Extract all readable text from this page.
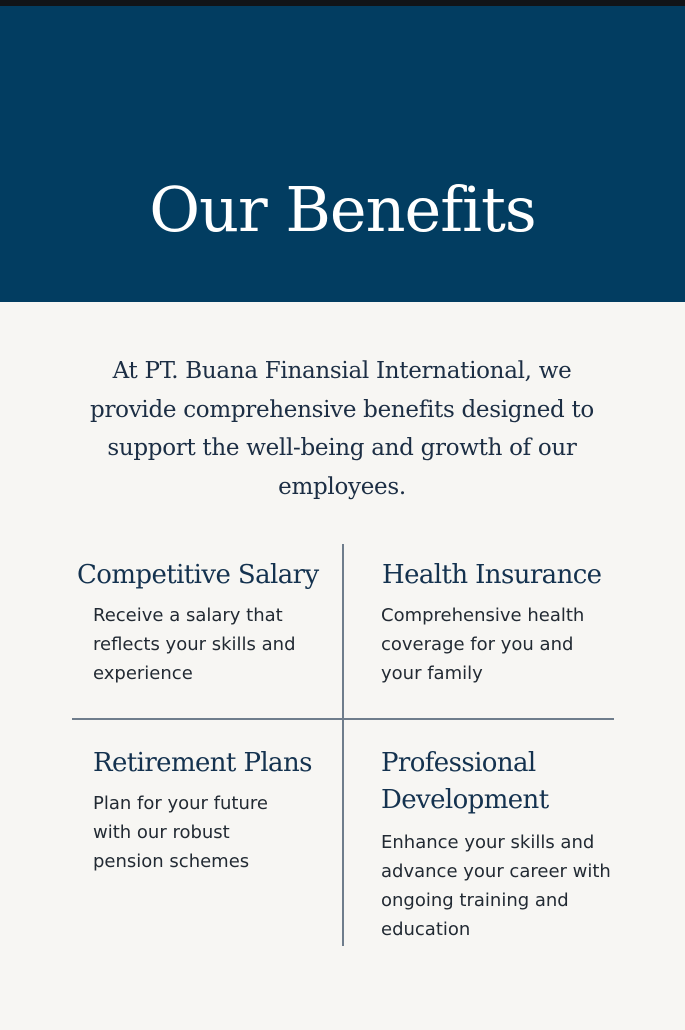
Our Benefits

At PT. Buana Finansial International, we provide comprehensive benefits designed to support the well-being and growth of our employees.

Competitive Salary

Receive a salary that reflects your skills and experience

Health Insurance

Comprehensive health coverage for you and your family

Retirement Plans

Plan for your future with our robust pension schemes

Professional Development

Enhance your skills and advance your career with ongoing training and education
